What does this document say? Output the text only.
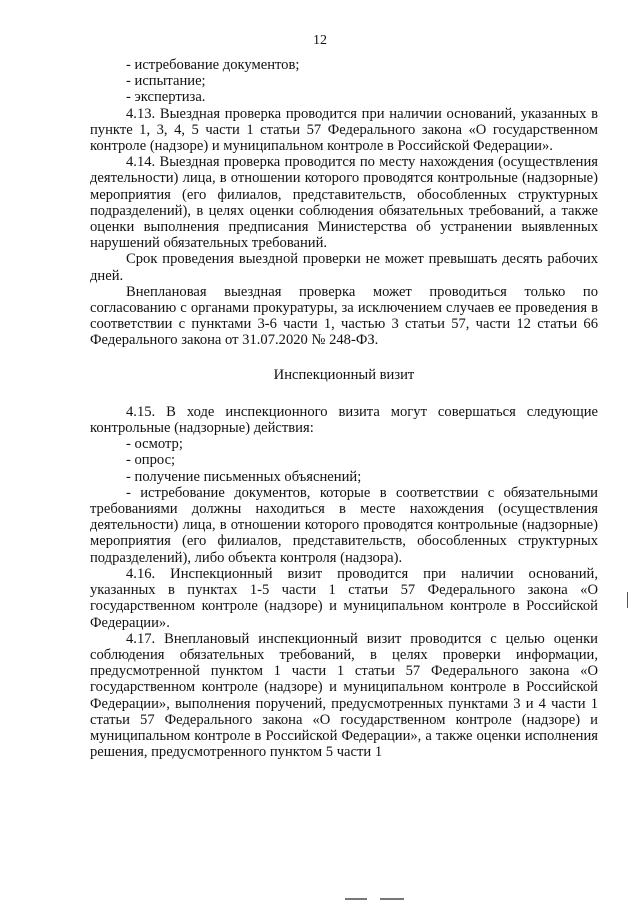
12

- истребование документов;

- испытание;

- экспертиза.

4.13. Выездная проверка проводится при наличии оснований, указанных в пункте 1, 3, 4, 5 части 1 статьи 57 Федерального закона «О государственном контроле (надзоре) и муниципальном контроле в Российской Федерации».

4.14. Выездная проверка проводится по месту нахождения (осуществления деятельности) лица, в отношении которого проводятся контрольные (надзорные) мероприятия (его филиалов, представительств, обособленных структурных подразделений), в целях оценки соблюдения обязательных требований, а также оценки выполнения предписания Министерства об устранении выявленных нарушений обязательных требований.

Срок проведения выездной проверки не может превышать десять рабочих дней.

Внеплановая выездная проверка может проводиться только по согласованию с органами прокуратуры, за исключением случаев ее проведения в соответствии с пунктами 3-6 части 1, частью 3 статьи 57, части 12 статьи 66 Федерального закона от 31.07.2020 № 248-ФЗ.

Инспекционный визит

4.15. В ходе инспекционного визита могут совершаться следующие контрольные (надзорные) действия:

- осмотр;

- опрос;

- получение письменных объяснений;

- истребование документов, которые в соответствии с обязательными требованиями должны находиться в месте нахождения (осуществления деятельности) лица, в отношении которого проводятся контрольные (надзорные) мероприятия (его филиалов, представительств, обособленных структурных подразделений), либо объекта контроля (надзора).

4.16. Инспекционный визит проводится при наличии оснований, указанных в пунктах 1-5 части 1 статьи 57 Федерального закона «О государственном контроле (надзоре) и муниципальном контроле в Российской Федерации».

4.17. Внеплановый инспекционный визит проводится с целью оценки соблюдения обязательных требований, в целях проверки информации, предусмотренной пунктом 1 части 1 статьи 57 Федерального закона «О государственном контроле (надзоре) и муниципальном контроле в Российской Федерации», выполнения поручений, предусмотренных пунктами 3 и 4 части 1 статьи 57 Федерального закона «О государственном контроле (надзоре) и муниципальном контроле в Российской Федерации», а также оценки исполнения решения, предусмотренного пунктом 5 части 1
